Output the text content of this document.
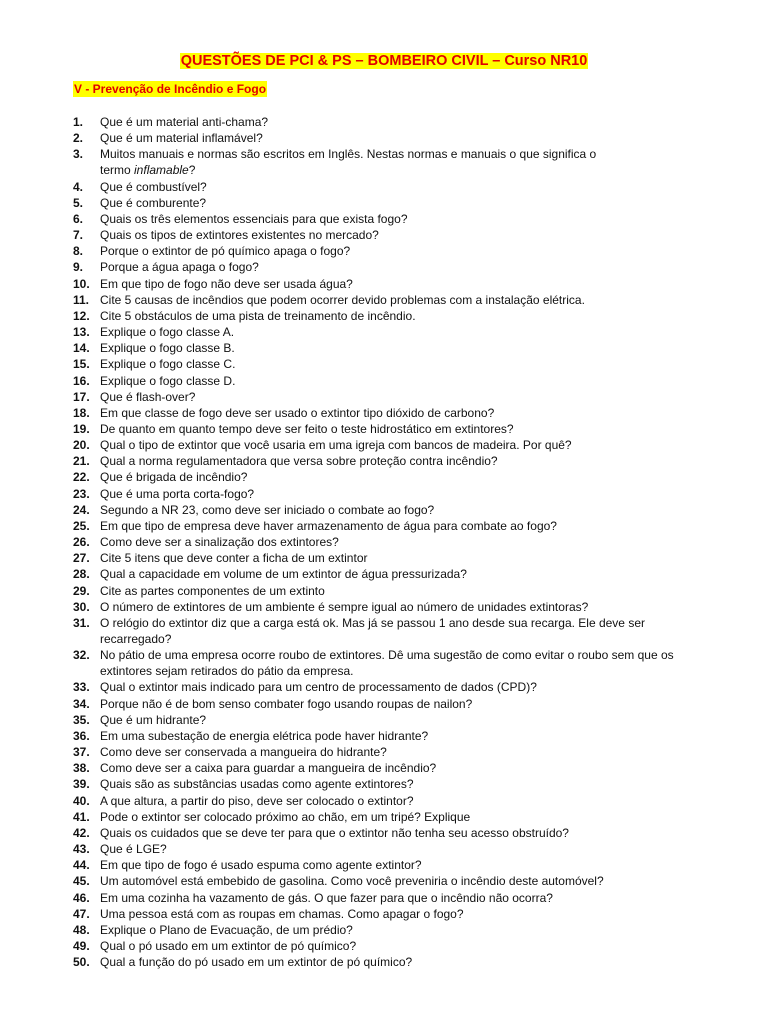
QUESTÕES DE PCI & PS – BOMBEIRO CIVIL – Curso NR10
V - Prevenção de Incêndio e Fogo
1. Que é um material anti-chama?
2. Que é um material inflamável?
3. Muitos manuais e normas são escritos em Inglês. Nestas normas e manuais o que significa o
termo inflamable?
4. Que é combustível?
5. Que é comburente?
6. Quais os três elementos essenciais para que exista fogo?
7. Quais os tipos de extintores existentes no mercado?
8. Porque o extintor de pó químico apaga o fogo?
9. Porque a água apaga o fogo?
10. Em que tipo de fogo não deve ser usada água?
11. Cite 5 causas de incêndios que podem ocorrer devido problemas com a instalação elétrica.
12. Cite 5 obstáculos de uma pista de treinamento de incêndio.
13. Explique o fogo classe A.
14. Explique o fogo classe B.
15. Explique o fogo classe C.
16. Explique o fogo classe D.
17. Que é flash-over?
18. Em que classe de fogo deve ser usado o extintor tipo dióxido de carbono?
19. De quanto em quanto tempo deve ser feito o teste hidrostático em extintores?
20. Qual o tipo de extintor que você usaria em uma igreja com bancos de madeira. Por quê?
21. Qual a norma regulamentadora que versa sobre proteção contra incêndio?
22. Que é brigada de incêndio?
23. Que é uma porta corta-fogo?
24. Segundo a NR 23, como deve ser iniciado o combate ao fogo?
25. Em que tipo de empresa deve haver armazenamento de água para combate ao fogo?
26. Como deve ser a sinalização dos extintores?
27. Cite 5 itens que deve conter a ficha de um extintor
28. Qual a capacidade em volume de um extintor de água pressurizada?
29. Cite as partes componentes de um extinto
30. O número de extintores de um ambiente é sempre igual ao número de unidades extintoras?
31. O relógio do extintor diz que a carga está ok. Mas já se passou 1 ano desde sua recarga. Ele deve ser
recarregado?
32. No pátio de uma empresa ocorre roubo de extintores. Dê uma sugestão de como evitar o roubo sem que os
extintores sejam retirados do pátio da empresa.
33. Qual o extintor mais indicado para um centro de processamento de dados (CPD)?
34. Porque não é de bom senso combater fogo usando roupas de nailon?
35. Que é um hidrante?
36. Em uma subestação de energia elétrica pode haver hidrante?
37. Como deve ser conservada a mangueira do hidrante?
38. Como deve ser a caixa para guardar a mangueira de incêndio?
39. Quais são as substâncias usadas como agente extintores?
40. A que altura, a partir do piso, deve ser colocado o extintor?
41. Pode o extintor ser colocado próximo ao chão, em um tripé? Explique
42. Quais os cuidados que se deve ter para que o extintor não tenha seu acesso obstruído?
43. Que é LGE?
44. Em que tipo de fogo é usado espuma como agente extintor?
45. Um automóvel está embebido de gasolina. Como você preveniria o incêndio deste automóvel?
46. Em uma cozinha ha vazamento de gás. O que fazer para que o incêndio não ocorra?
47. Uma pessoa está com as roupas em chamas. Como apagar o fogo?
48. Explique o Plano de Evacuação, de um prédio?
49. Qual o pó usado em um extintor de pó químico?
50. Qual a função do pó usado em um extintor de pó químico?
